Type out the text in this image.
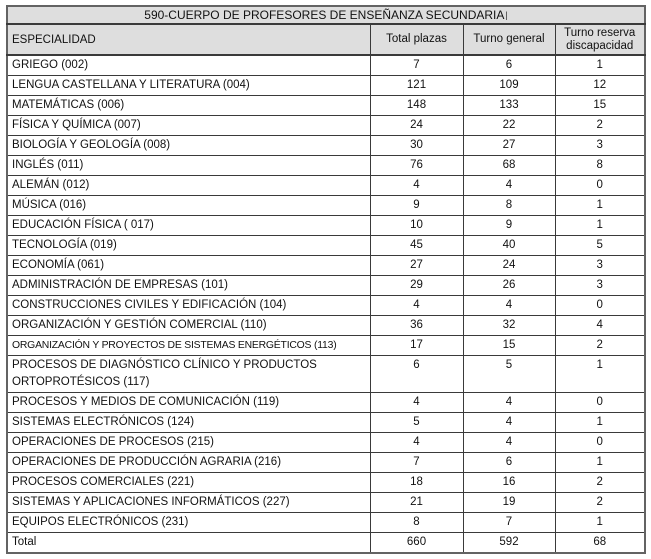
590-CUERPO DE PROFESORES DE ENSEÑANZA SECUNDARIA|			
ESPECIALIDAD	Total plazas	Turno general	Turno reserva discapacidad
GRIEGO (002)	7	6	1
LENGUA CASTELLANA Y LITERATURA (004)	121	109	12
MATEMÁTICAS (006)	148	133	15
FÍSICA Y QUÍMICA (007)	24	22	2
BIOLOGÍA Y GEOLOGÍA (008)	30	27	3
INGLÉS (011)	76	68	8
ALEMÁN (012)	4	4	0
MÚSICA (016)	9	8	1
EDUCACIÓN FÍSICA ( 017)	10	9	1
TECNOLOGÍA (019)	45	40	5
ECONOMÍA (061)	27	24	3
ADMINISTRACIÓN DE EMPRESAS (101)	29	26	3
CONSTRUCCIONES CIVILES Y EDIFICACIÓN (104)	4	4	0
ORGANIZACIÓN Y GESTIÓN COMERCIAL (110)	36	32	4
ORGANIZACIÓN Y PROYECTOS DE SISTEMAS ENERGÉTICOS (113)	17	15	2
PROCESOS DE DIAGNÓSTICO CLÍNICO Y PRODUCTOS ORTOPROTÉSICOS (117)	6	5	1
PROCESOS Y MEDIOS DE COMUNICACIÓN (119)	4	4	0
SISTEMAS ELECTRÓNICOS (124)	5	4	1
OPERACIONES DE PROCESOS (215)	4	4	0
OPERACIONES DE PRODUCCIÓN AGRARIA (216)	7	6	1
PROCESOS COMERCIALES (221)	18	16	2
SISTEMAS Y APLICACIONES INFORMÁTICOS (227)	21	19	2
EQUIPOS ELECTRÓNICOS (231)	8	7	1
Total	660	592	68
